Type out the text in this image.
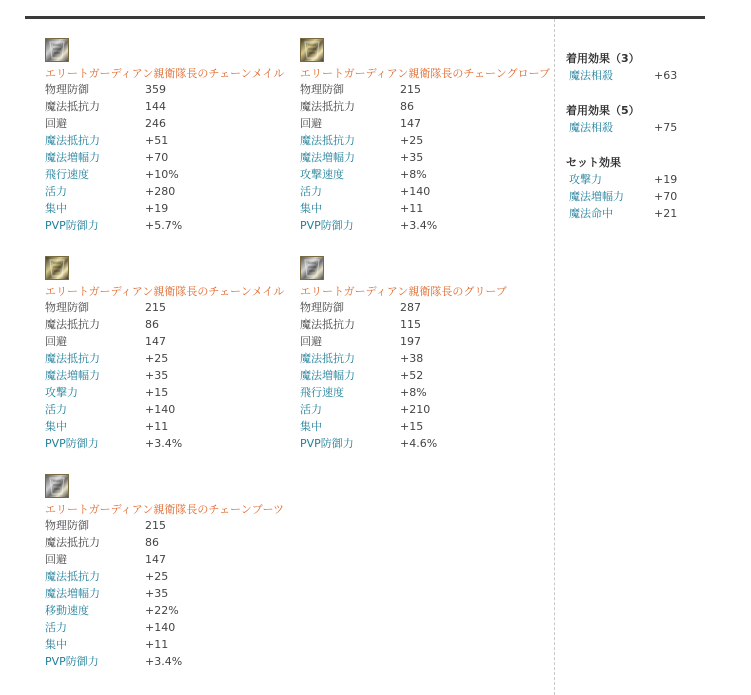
エリートガーディアン親衛隊長のチェーンメイル
物理防御	359
魔法抵抗力	144
回避	246
魔法抵抗力	+51
魔法増幅力	+70
飛行速度	+10%
活力	+280
集中	+19
PVP防御力	+5.7%
エリートガーディアン親衛隊長のチェーングローブ
物理防御	215
魔法抵抗力	86
回避	147
魔法抵抗力	+25
魔法増幅力	+35
攻撃速度	+8%
活力	+140
集中	+11
PVP防御力	+3.4%
エリートガーディアン親衛隊長のチェーンメイル
物理防御	215
魔法抵抗力	86
回避	147
魔法抵抗力	+25
魔法増幅力	+35
攻撃力	+15
活力	+140
集中	+11
PVP防御力	+3.4%
エリートガーディアン親衛隊長のグリーブ
物理防御	287
魔法抵抗力	115
回避	197
魔法抵抗力	+38
魔法増幅力	+52
飛行速度	+8%
活力	+210
集中	+15
PVP防御力	+4.6%
エリートガーディアン親衛隊長のチェーンブーツ
物理防御	215
魔法抵抗力	86
回避	147
魔法抵抗力	+25
魔法増幅力	+35
移動速度	+22%
活力	+140
集中	+11
PVP防御力	+3.4%
着用効果（3）
魔法相殺	+63
着用効果（5）
魔法相殺	+75
セット効果
攻撃力	+19
魔法増幅力	+70
魔法命中	+21
